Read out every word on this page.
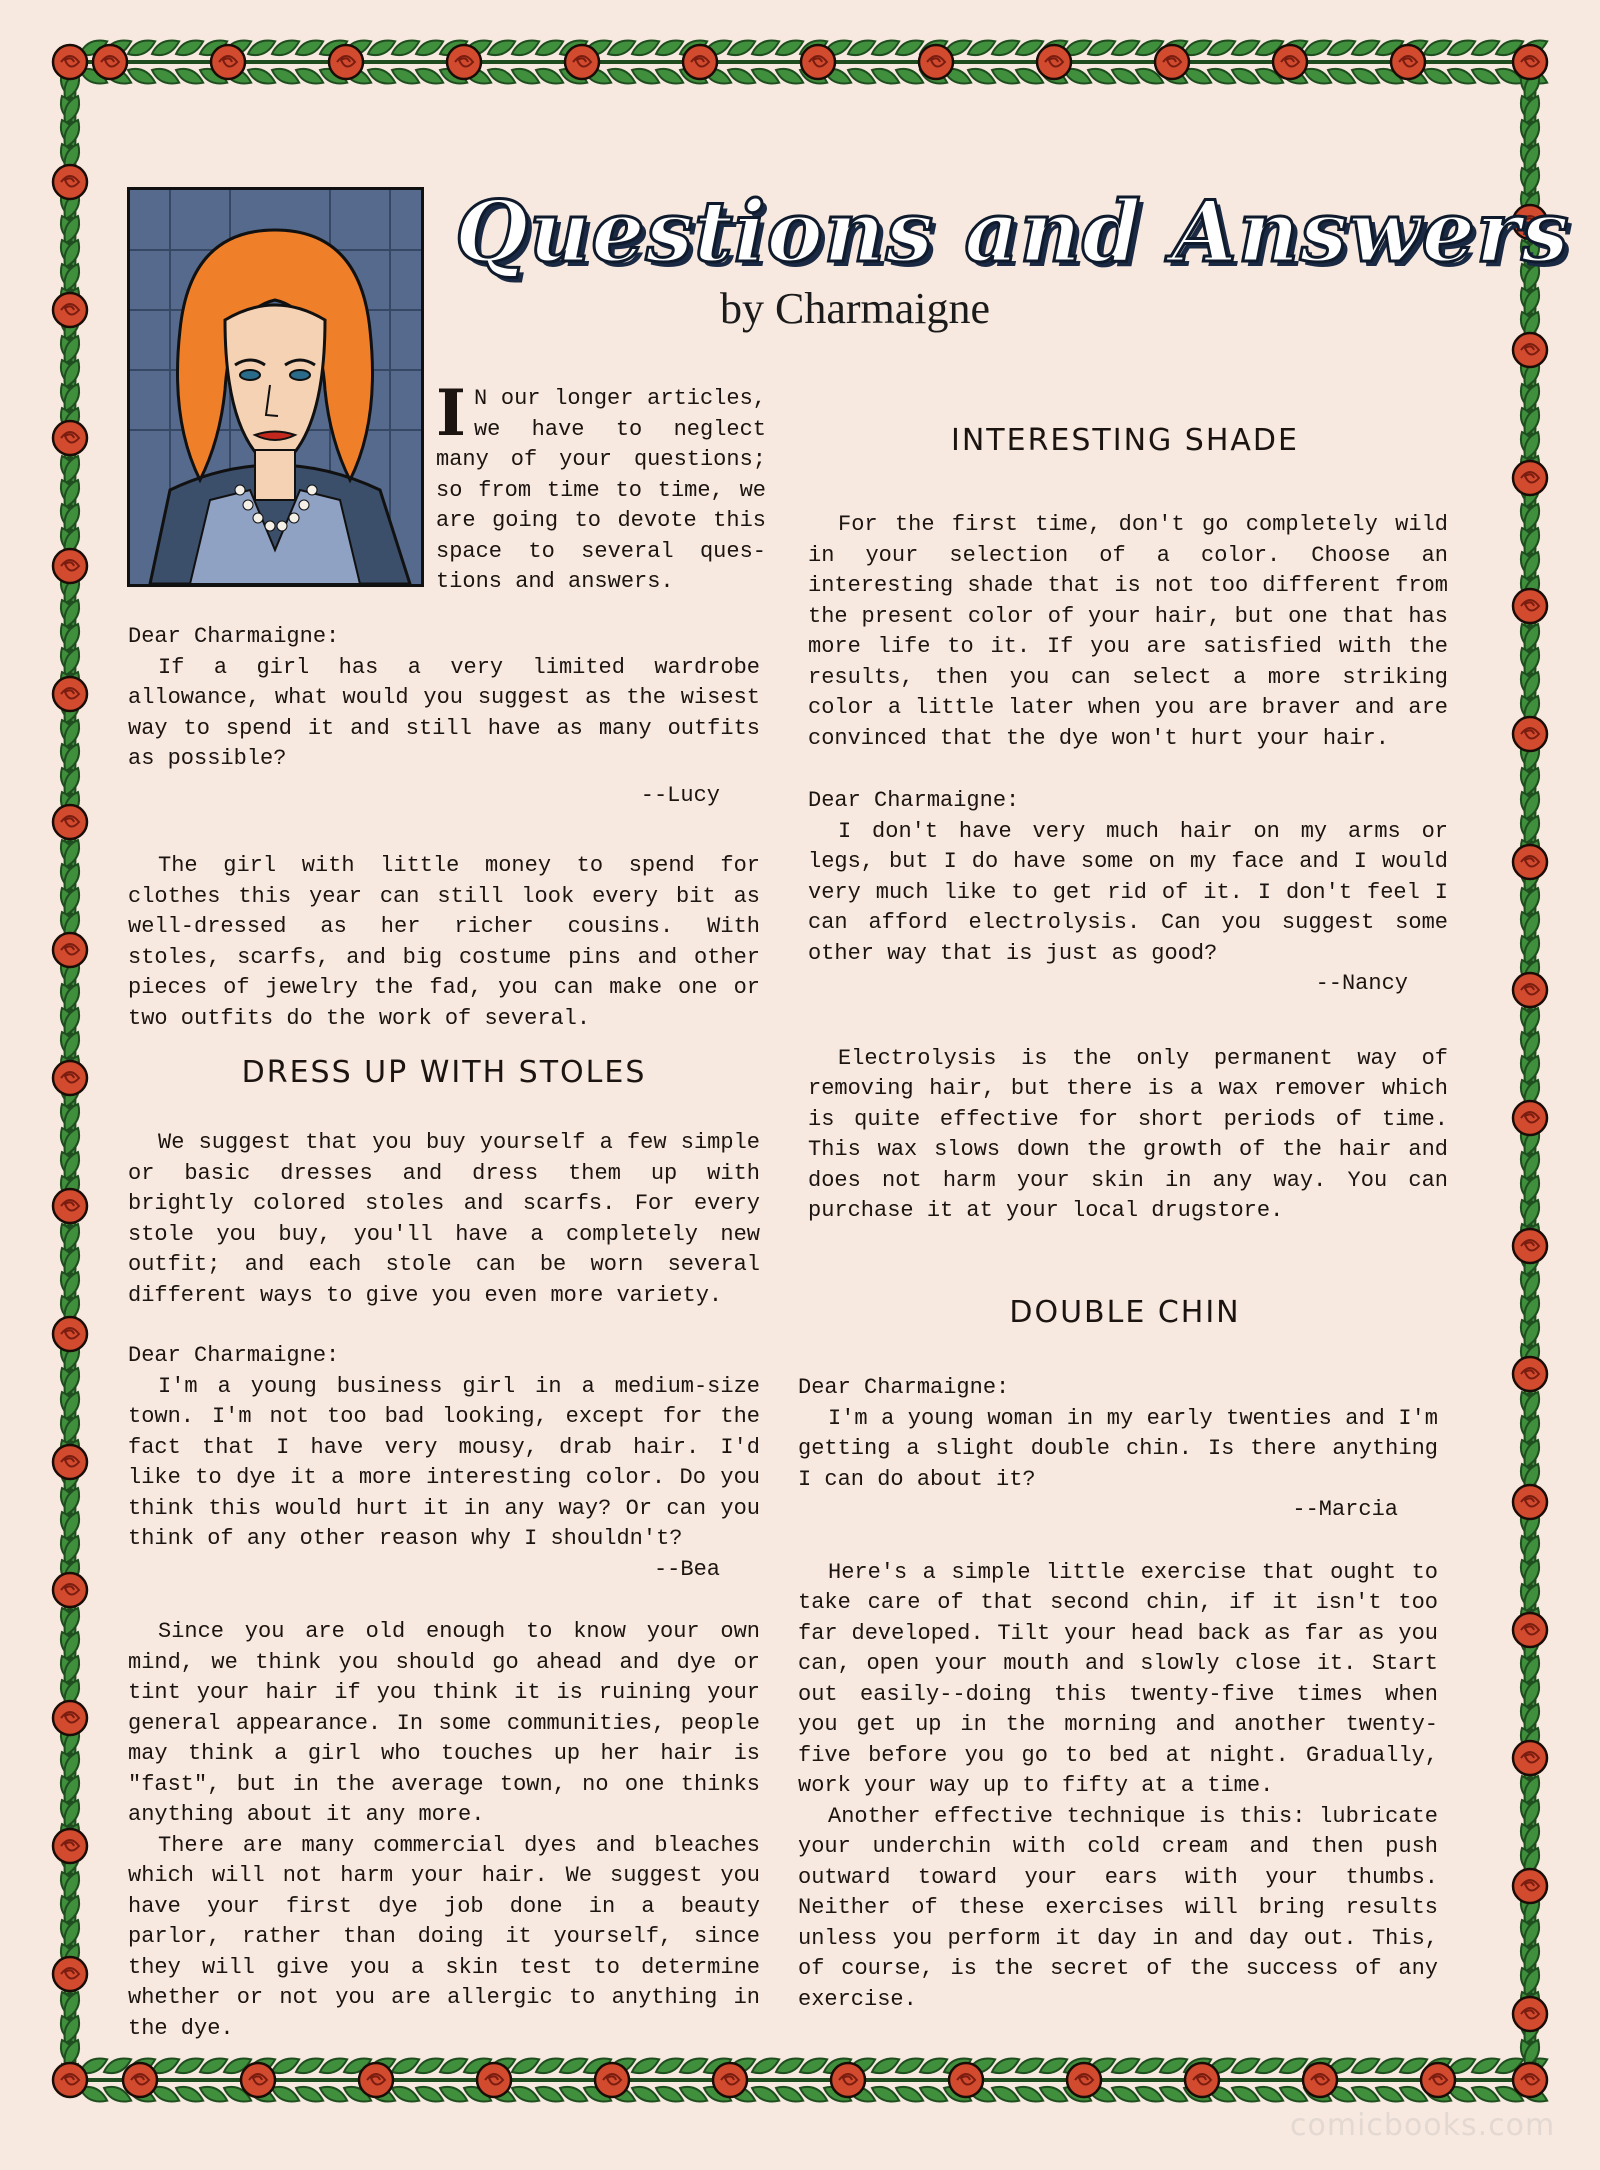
Questions and Answers
by Charmaigne
I N our longer articles,
we have to neglect
many of your questions;
so from time to time, we
are going to devote this
space to several ques-
tions and answers.

Dear Charmaigne:

If a girl has a very limited wardrobe allowance, what would you suggest as the wisest way to spend it and still have as many outfits as possible?

--Lucy

The girl with little money to spend for clothes this year can still look every bit as well-dressed as her richer cousins. With stoles, scarfs, and big costume pins and other pieces of jewelry the fad, you can make one or two outfits do the work of several.

DRESS UP WITH STOLES

We suggest that you buy yourself a few simple or basic dresses and dress them up with brightly colored stoles and scarfs. For every stole you buy, you'll have a completely new outfit; and each stole can be worn several different ways to give you even more variety.

Dear Charmaigne:

I'm a young business girl in a medium-size town. I'm not too bad looking, except for the fact that I have very mousy, drab hair. I'd like to dye it a more interesting color. Do you think this would hurt it in any way? Or can you think of any other reason why I shouldn't?

--Bea

Since you are old enough to know your own mind, we think you should go ahead and dye or tint your hair if you think it is ruining your general appearance. In some communities, people may think a girl who touches up her hair is "fast", but in the average town, no one thinks anything about it any more.

There are many commercial dyes and bleaches which will not harm your hair. We suggest you have your first dye job done in a beauty parlor, rather than doing it yourself, since they will give you a skin test to determine whether or not you are allergic to anything in the dye.

INTERESTING SHADE

For the first time, don't go completely wild in your selection of a color. Choose an interesting shade that is not too different from the present color of your hair, but one that has more life to it. If you are satisfied with the results, then you can select a more striking color a little later when you are braver and are convinced that the dye won't hurt your hair.

Dear Charmaigne:

I don't have very much hair on my arms or legs, but I do have some on my face and I would very much like to get rid of it. I don't feel I can afford electrolysis. Can you suggest some other way that is just as good?

--Nancy

Electrolysis is the only permanent way of removing hair, but there is a wax remover which is quite effective for short periods of time. This wax slows down the growth of the hair and does not harm your skin in any way. You can purchase it at your local drugstore.

DOUBLE CHIN

Dear Charmaigne:

I'm a young woman in my early twenties and I'm getting a slight double chin. Is there anything I can do about it?

--Marcia

Here's a simple little exercise that ought to take care of that second chin, if it isn't too far developed. Tilt your head back as far as you can, open your mouth and slowly close it. Start out easily--doing this twenty-five times when you get up in the morning and another twenty-five before you go to bed at night. Gradually, work your way up to fifty at a time.

Another effective technique is this: lubricate your underchin with cold cream and then push outward toward your ears with your thumbs. Neither of these exercises will bring results unless you perform it day in and day out. This, of course, is the secret of the success of any exercise.

comicbooks.com
